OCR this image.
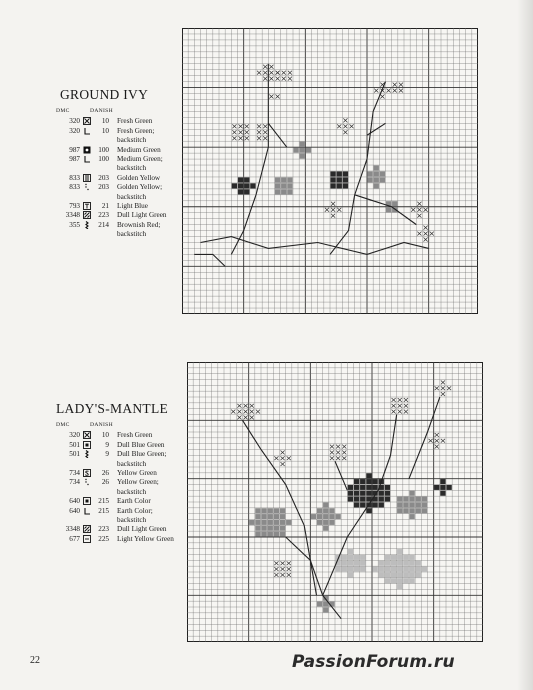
GROUND IVY
DMC	DANISH
320	10 Fresh Green
320	10 Fresh Green;
backstitch
987	100 Medium Green
987	100 Medium Green;
backstitch
833	203 Golden Yellow
833	203 Golden Yellow;
backstitch
793	21 Light Blue
3348	223 Dull Light Green
355	214 Brownish Red;
backstitch
LADY'S-MANTLE
DMC	DANISH
320	10 Fresh Green
501	9 Dull Blue Green
501	9 Dull Blue Green;
backstitch
734	26 Yellow Green
734	26 Yellow Green;
backstitch
640	215 Earth Color
640	215 Earth Color;
backstitch
3348	223 Dull Light Green
677	225 Light Yellow Green
22	PassionForum.ru
